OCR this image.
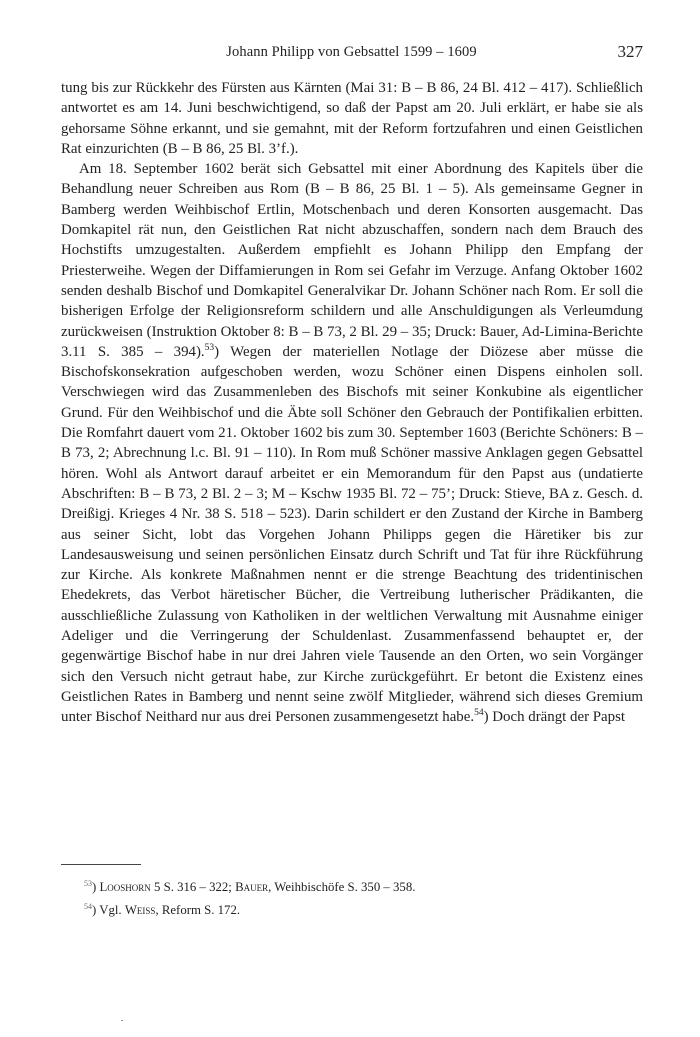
Johann Philipp von Gebsattel 1599 – 1609	327

tung bis zur Rückkehr des Fürsten aus Kärnten (Mai 31: B – B 86, 24 Bl. 412 – 417). Schließlich antwortet es am 14. Juni beschwichtigend, so daß der Papst am 20. Juli erklärt, er habe sie als gehorsame Söhne erkannt, und sie gemahnt, mit der Reform fortzufahren und einen Geistlichen Rat einzurichten (B – B 86, 25 Bl. 3’f.).

Am 18. September 1602 berät sich Gebsattel mit einer Abordnung des Kapitels über die Behandlung neuer Schreiben aus Rom (B – B 86, 25 Bl. 1 – 5). Als gemeinsame Gegner in Bamberg werden Weihbischof Ertlin, Motschenbach und deren Konsorten ausgemacht. Das Domkapitel rät nun, den Geistlichen Rat nicht abzuschaffen, sondern nach dem Brauch des Hochstifts umzugestalten. Außerdem empfiehlt es Johann Philipp den Empfang der Priesterweihe. Wegen der Diffamierungen in Rom sei Gefahr im Verzuge. Anfang Oktober 1602 senden deshalb Bischof und Domkapitel Generalvikar Dr. Johann Schöner nach Rom. Er soll die bisherigen Erfolge der Religionsreform schildern und alle Anschuldigungen als Verleumdung zurückweisen (Instruktion Oktober 8: B – B 73, 2 Bl. 29 – 35; Druck: Bauer, Ad-Limina-Berichte 3.11 S. 385 – 394).$^{53}$) Wegen der materiellen Notlage der Diözese aber müsse die Bischofskonsekration aufgeschoben werden, wozu Schöner einen Dispens einholen soll. Verschwiegen wird das Zusammenleben des Bischofs mit seiner Konkubine als eigentlicher Grund. Für den Weihbischof und die Äbte soll Schöner den Gebrauch der Pontifikalien erbitten. Die Romfahrt dauert vom 21. Oktober 1602 bis zum 30. September 1603 (Berichte Schöners: B – B 73, 2; Abrechnung l.c. Bl. 91 – 110). In Rom muß Schöner massive Anklagen gegen Gebsattel hören. Wohl als Antwort darauf arbeitet er ein Memorandum für den Papst aus (undatierte Abschriften: B – B 73, 2 Bl. 2 – 3; M – Kschw 1935 Bl. 72 – 75’; Druck: Stieve, BA z. Gesch. d. Dreißigj. Krieges 4 Nr. 38 S. 518 – 523). Darin schildert er den Zustand der Kirche in Bamberg aus seiner Sicht, lobt das Vorgehen Johann Philipps gegen die Häretiker bis zur Landesausweisung und seinen persönlichen Einsatz durch Schrift und Tat für ihre Rückführung zur Kirche. Als konkrete Maßnahmen nennt er die strenge Beachtung des tridentinischen Ehedekrets, das Verbot häretischer Bücher, die Vertreibung lutherischer Prädikanten, die ausschließliche Zulassung von Katholiken in der weltlichen Verwaltung mit Ausnahme einiger Adeliger und die Verringerung der Schuldenlast. Zusammenfassend behauptet er, der gegenwärtige Bischof habe in nur drei Jahren viele Tausende an den Orten, wo sein Vorgänger sich den Versuch nicht getraut habe, zur Kirche zurückgeführt. Er betont die Existenz eines Geistlichen Rates in Bamberg und nennt seine zwölf Mitglieder, während sich dieses Gremium unter Bischof Neithard nur aus drei Personen zusammengesetzt habe.$^{54}$) Doch drängt der Papst

$^{53}$) Looshorn 5 S. 316 – 322; Bauer, Weihbischöfe S. 350 – 358.
$^{54}$) Vgl. Weiss, Reform S. 172.
